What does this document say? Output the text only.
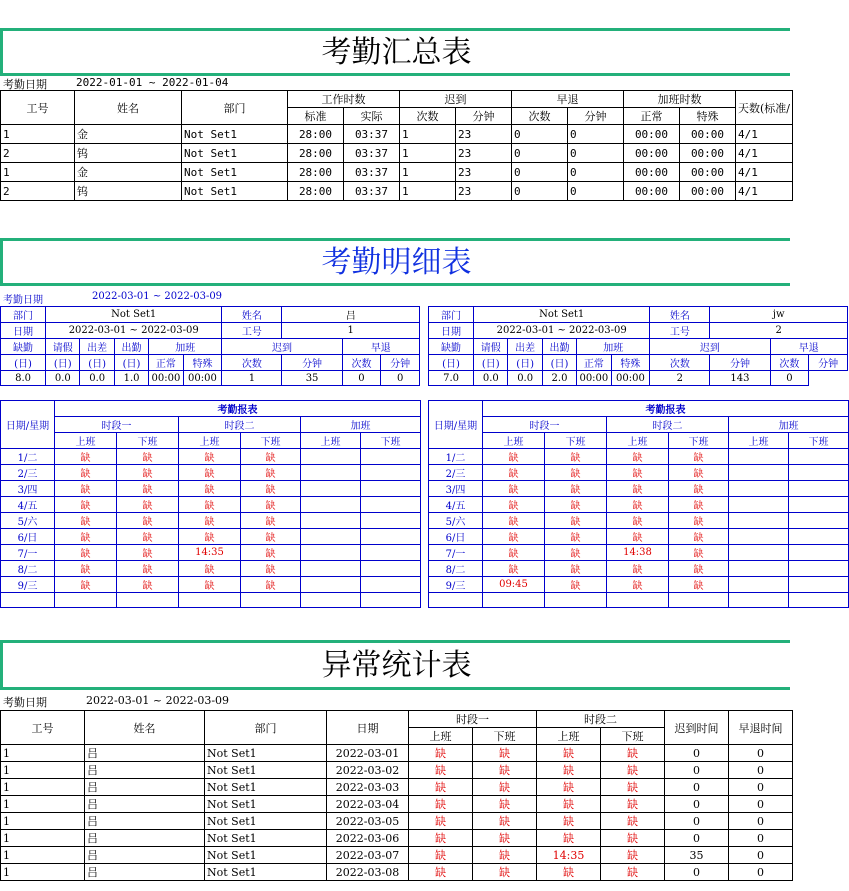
考勤汇总表
考勤日期	2022-01-01 ~ 2022-01-04
工号	姓名	部门	工作时数		迟到		早退		加班时数		天数(标准/
			标准	实际	次数	分钟	次数	分钟	正常	特殊	
1	金	Not Set1	28:00	03:37	1	23	0	0	00:00	00:00	4/1
2	钨	Not Set1	28:00	03:37	1	23	0	0	00:00	00:00	4/1
1	金	Not Set1	28:00	03:37	1	23	0	0	00:00	00:00	4/1
2	钨	Not Set1	28:00	03:37	1	23	0	0	00:00	00:00	4/1
考勤明细表
考勤日期	2022-03-01 ~ 2022-03-09
部门	Not Set1					姓名	吕		
日期	2022-03-01 ~ 2022-03-09					工号	1		
缺勤	请假	出差	出勤	加班		迟到		早退	
(日)	(日)	(日)	(日)	正常	特殊	次数	分钟	次数	分钟
8.0	0.0	0.0	1.0	00:00	00:00	1	35	0	0
部门	Not Set1					姓名	jw		
日期	2022-03-01 ~ 2022-03-09					工号	2		
缺勤	请假	出差	出勤	加班		迟到		早退	
(日)	(日)	(日)	(日)	正常	特殊	次数	分钟	次数	分钟
7.0	0.0	0.0	2.0	00:00	00:00	2	143	0	
日期/星期	考勤报表					
	时段一		时段二		加班	
	上班	下班	上班	下班	上班	下班
1/二	缺	缺	缺	缺		
2/三	缺	缺	缺	缺		
3/四	缺	缺	缺	缺		
4/五	缺	缺	缺	缺		
5/六	缺	缺	缺	缺		
6/日	缺	缺	缺	缺		
7/一	缺	缺	14:35	缺		
8/二	缺	缺	缺	缺		
9/三	缺	缺	缺	缺		

日期/星期	考勤报表					
	时段一		时段二		加班	
	上班	下班	上班	下班	上班	下班
1/二	缺	缺	缺	缺		
2/三	缺	缺	缺	缺		
3/四	缺	缺	缺	缺		
4/五	缺	缺	缺	缺		
5/六	缺	缺	缺	缺		
6/日	缺	缺	缺	缺		
7/一	缺	缺	14:38	缺		
8/二	缺	缺	缺	缺		
9/三	09:45	缺	缺	缺		

异常统计表
考勤日期	2022-03-01 ~ 2022-03-09
工号	姓名	部门	日期	时段一		时段二		迟到时间	早退时间
				上班	下班	上班	下班		
1	吕	Not Set1	2022-03-01	缺	缺	缺	缺	0	0
1	吕	Not Set1	2022-03-02	缺	缺	缺	缺	0	0
1	吕	Not Set1	2022-03-03	缺	缺	缺	缺	0	0
1	吕	Not Set1	2022-03-04	缺	缺	缺	缺	0	0
1	吕	Not Set1	2022-03-05	缺	缺	缺	缺	0	0
1	吕	Not Set1	2022-03-06	缺	缺	缺	缺	0	0
1	吕	Not Set1	2022-03-07	缺	缺	14:35	缺	35	0
1	吕	Not Set1	2022-03-08	缺	缺	缺	缺	0	0
